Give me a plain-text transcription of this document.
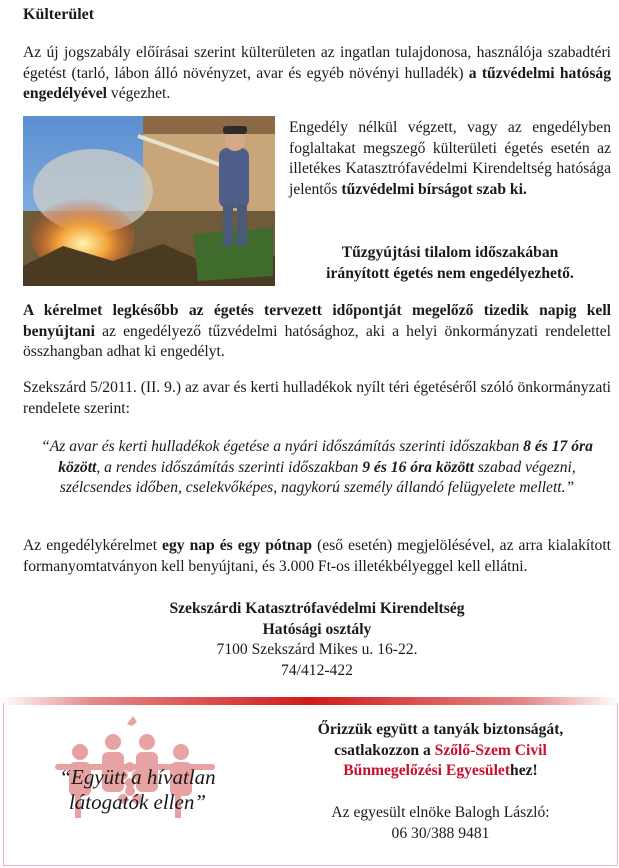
Külterület
Az új jogszabály előírásai szerint külterületen az ingatlan tulajdonosa, használója szabadtéri égetést (tarló, lábon álló növényzet, avar és egyéb növényi hulladék) a tűzvédelmi hatóság engedélyével végezhet.
Engedély nélkül végzett, vagy az engedélyben foglaltakat megszegő külterületi égetés esetén az illetékes Katasztrófavédelmi Kirendeltség hatósága jelentős tűzvédelmi bírságot szab ki.
Tűzgyújtási tilalom időszakában
irányított égetés nem engedélyezhető.
A kérelmet legkésőbb az égetés tervezett időpontját megelőző tizedik napig kell benyújtani az engedélyező tűzvédelmi hatósághoz, aki a helyi önkormányzati rendelettel összhangban adhat ki engedélyt.
Szekszárd 5/2011. (II. 9.) az avar és kerti hulladékok nyílt téri égetéséről szóló önkormányzati rendelete szerint:
“Az avar és kerti hulladékok égetése a nyári időszámítás szerinti időszakban 8 és 17 óra között, a rendes időszámítás szerinti időszakban 9 és 16 óra között szabad végezni, szélcsendes időben, cselekvőképes, nagykorú személy állandó felügyelete mellett.”
Az engedélykérelmet egy nap és egy pótnap (eső esetén) megjelölésével, az arra kialakított formanyomtatványon kell benyújtani, és 3.000 Ft-os illetékbélyeggel kell ellátni.
Szekszárdi Katasztrófavédelmi Kirendeltség
Hatósági osztály
7100 Szekszárd Mikes u. 16-22.
74/412-422
“Együtt a hívatlan
látogatók ellen”
Őrizzük együtt a tanyák biztonságát,
csatlakozzon a Szőlő-Szem Civil
Bűnmegelőzési Egyesülethez!
Az egyesült elnöke Balogh László:
06 30/388 9481
